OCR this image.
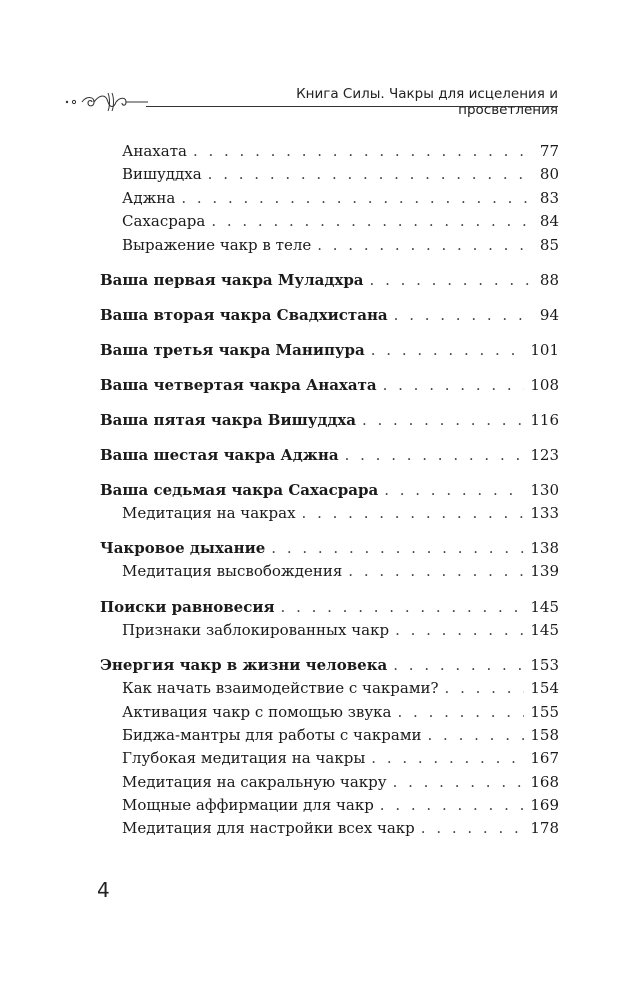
Книга Силы. Чакры для исцеления и просветления
Анахата . . .	77
Вишуддха . . .	80
Аджна . . .	83
Сахасрара . . .	84
Выражение чакр в теле . . .	85
Ваша первая чакра Муладхра . . .	88
Ваша вторая чакра Свадхистана . . .	94
Ваша третья чакра Манипура . . .	101
Ваша четвертая чакра Анахата . . .	108
Ваша пятая чакра Вишуддха . . .	116
Ваша шестая чакра Аджна . . .	123
Ваша седьмая чакра Сахасрара . . .	130
Медитация на чакрах . . .	133
Чакровое дыхание . . .	138
Медитация высвобождения . . .	139
Поиски равновесия . . .	145
Признаки заблокированных чакр . . .	145
Энергия чакр в жизни человека . . .	153
Как начать взаимодействие с чакрами? . . .	154
Активация чакр с помощью звука . . .	155
Биджа-мантры для работы с чакрами . . .	158
Глубокая медитация на чакры . . .	167
Медитация на сакральную чакру . . .	168
Мощные аффирмации для чакр . . .	169
Медитация для настройки всех чакр . . .	178
4
